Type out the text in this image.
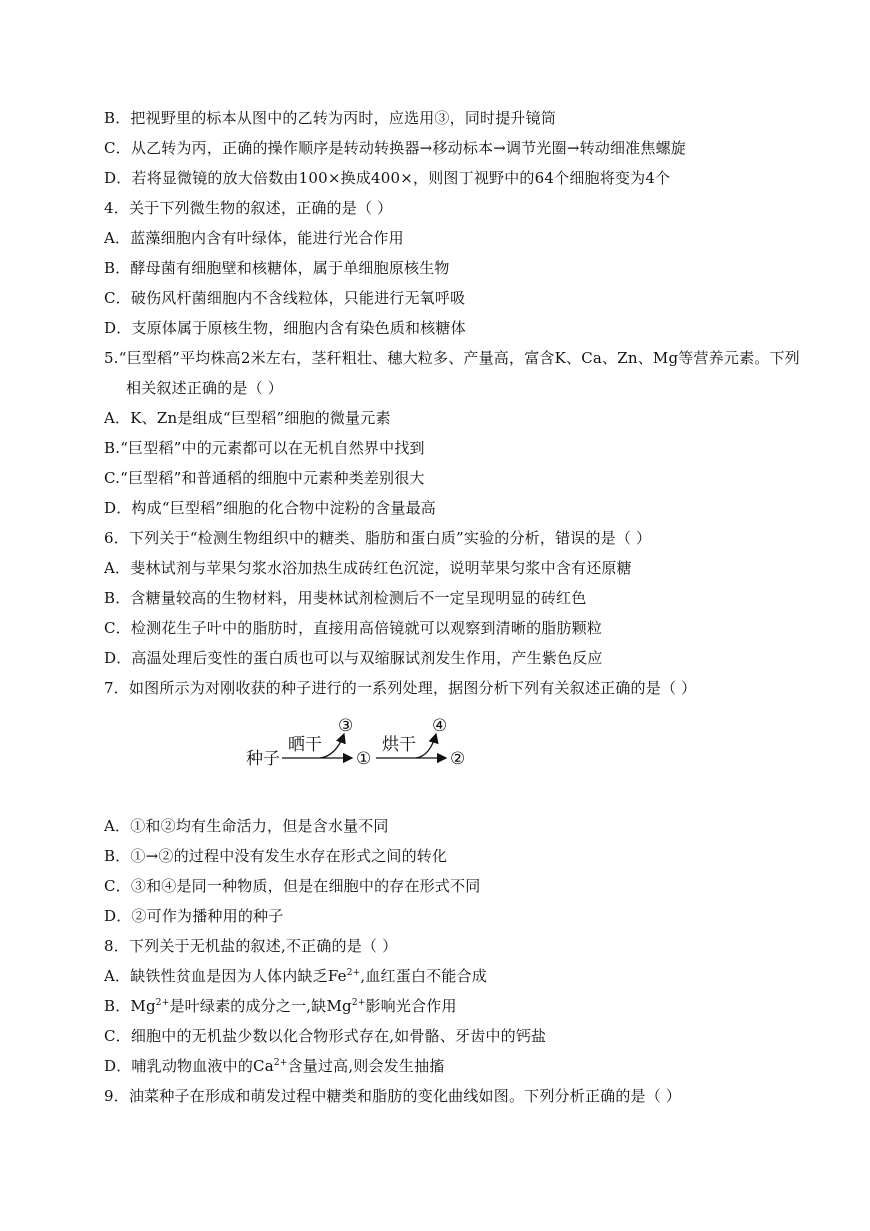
B．把视野里的标本从图中的乙转为丙时，应选用③，同时提升镜筒
C．从乙转为丙，正确的操作顺序是转动转换器→移动标本→调节光圈→转动细准焦螺旋
D．若将显微镜的放大倍数由100×换成400×，则图丁视野中的64个细胞将变为4个
4．关于下列微生物的叙述，正确的是（ ）
A．蓝藻细胞内含有叶绿体，能进行光合作用
B．酵母菌有细胞壁和核糖体，属于单细胞原核生物
C．破伤风杆菌细胞内不含线粒体，只能进行无氧呼吸
D．支原体属于原核生物，细胞内含有染色质和核糖体
5.“巨型稻”平均株高2米左右，茎秆粗壮、穗大粒多、产量高，富含K、Ca、Zn、Mg等营养元素。下列
相关叙述正确的是（ ）
A．K、Zn是组成“巨型稻”细胞的微量元素
B.“巨型稻”中的元素都可以在无机自然界中找到
C.“巨型稻”和普通稻的细胞中元素种类差别很大
D．构成“巨型稻”细胞的化合物中淀粉的含量最高
6．下列关于“检测生物组织中的糖类、脂肪和蛋白质”实验的分析，错误的是（ ）
A．斐林试剂与苹果匀浆水浴加热生成砖红色沉淀，说明苹果匀浆中含有还原糖
B．含糖量较高的生物材料，用斐林试剂检测后不一定呈现明显的砖红色
C．检测花生子叶中的脂肪时，直接用高倍镜就可以观察到清晰的脂肪颗粒
D．高温处理后变性的蛋白质也可以与双缩脲试剂发生作用，产生紫色反应
7．如图所示为对刚收获的种子进行的一系列处理，据图分析下列有关叙述正确的是（ ）
种子
晒干
③
①
烘干
④
②
A．①和②均有生命活力，但是含水量不同
B．①→②的过程中没有发生水存在形式之间的转化
C．③和④是同一种物质，但是在细胞中的存在形式不同
D．②可作为播种用的种子
8．下列关于无机盐的叙述,不正确的是（ ）
A．缺铁性贫血是因为人体内缺乏$Fe^{2+}$,血红蛋白不能合成
B．$Mg^{2+}$是叶绿素的成分之一,缺$Mg^{2+}$影响光合作用
C．细胞中的无机盐少数以化合物形式存在,如骨骼、牙齿中的钙盐
D．哺乳动物血液中的$Ca^{2+}$含量过高,则会发生抽搐
9．油菜种子在形成和萌发过程中糖类和脂肪的变化曲线如图。下列分析正确的是（ ）
